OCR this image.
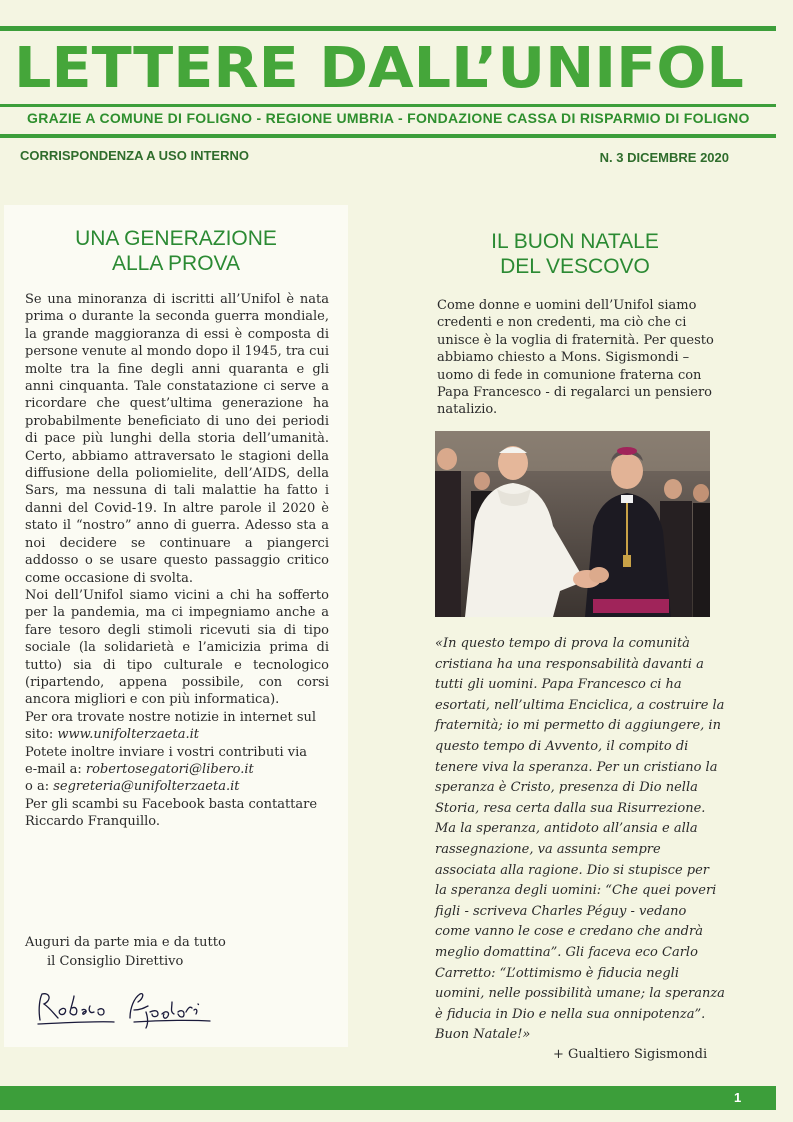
LETTERE DALL’UNIFOL
GRAZIE A COMUNE DI FOLIGNO - REGIONE UMBRIA - FONDAZIONE CASSA DI RISPARMIO DI FOLIGNO
CORRISPONDENZA A USO INTERNO	N. 3 DICEMBRE 2020
UNA GENERAZIONE
ALLA PROVA

Se una minoranza di iscritti all’Unifol è nata prima o durante la seconda guerra mondiale, la grande maggioranza di essi è composta di persone venute al mondo dopo il 1945, tra cui molte tra la fine degli anni quaranta e gli anni cinquanta. Tale constatazione ci serve a ricordare che quest’ultima generazione ha probabilmente beneficiato di uno dei periodi di pace più lunghi della storia dell’umanità. Certo, abbiamo attraversato le stagioni della diffusione della poliomielite, dell’AIDS, della Sars, ma nessuna di tali malattie ha fatto i danni del Covid-19. In altre parole il 2020 è stato il “nostro” anno di guerra. Adesso sta a noi decidere se continuare a piangerci addosso o se usare questo passaggio critico come occasione di svolta.

Noi dell’Unifol siamo vicini a chi ha sofferto per la pandemia, ma ci impegniamo anche a fare tesoro degli stimoli ricevuti sia di tipo sociale (la solidarietà e l’amicizia prima di tutto) sia di tipo culturale e tecnologico (ripartendo, appena possibile, con corsi ancora migliori e con più informatica).

Per ora trovate nostre notizie in internet sul
sito: www.unifolterzaeta.it
Potete inoltre inviare i vostri contributi via
e-mail a: robertosegatori@libero.it
o a: segreteria@unifolterzaeta.it
Per gli scambi su Facebook basta contattare
Riccardo Franquillo.
Auguri da parte mia e da tutto
il Consiglio Direttivo
IL BUON NATALE
DEL VESCOVO
Come donne e uomini dell’Unifol siamo credenti e non credenti, ma ciò che ci unisce è la voglia di fraternità. Per questo abbiamo chiesto a Mons. Sigismondi – uomo di fede in comunione fraterna con Papa Francesco - di regalarci un pensiero natalizio.
«In questo tempo di prova la comunità cristiana ha una responsabilità davanti a tutti gli uomini. Papa Francesco ci ha esortati, nell’ultima Enciclica, a costruire la fraternità; io mi permetto di aggiungere, in questo tempo di Avvento, il compito di tenere viva la speranza. Per un cristiano la speranza è Cristo, presenza di Dio nella Storia, resa certa dalla sua Risurrezione. Ma la speranza, antidoto all’ansia e alla rassegnazione, va assunta sempre associata alla ragione. Dio si stupisce per la speranza degli uomini: “Che quei poveri figli - scriveva Charles Péguy - vedano come vanno le cose e credano che andrà meglio domattina”. Gli faceva eco Carlo Carretto: “L’ottimismo è fiducia negli uomini, nelle possibilità umane; la speranza è fiducia in Dio e nella sua onnipotenza”. Buon Natale!»
+ Gualtiero Sigismondi
1
